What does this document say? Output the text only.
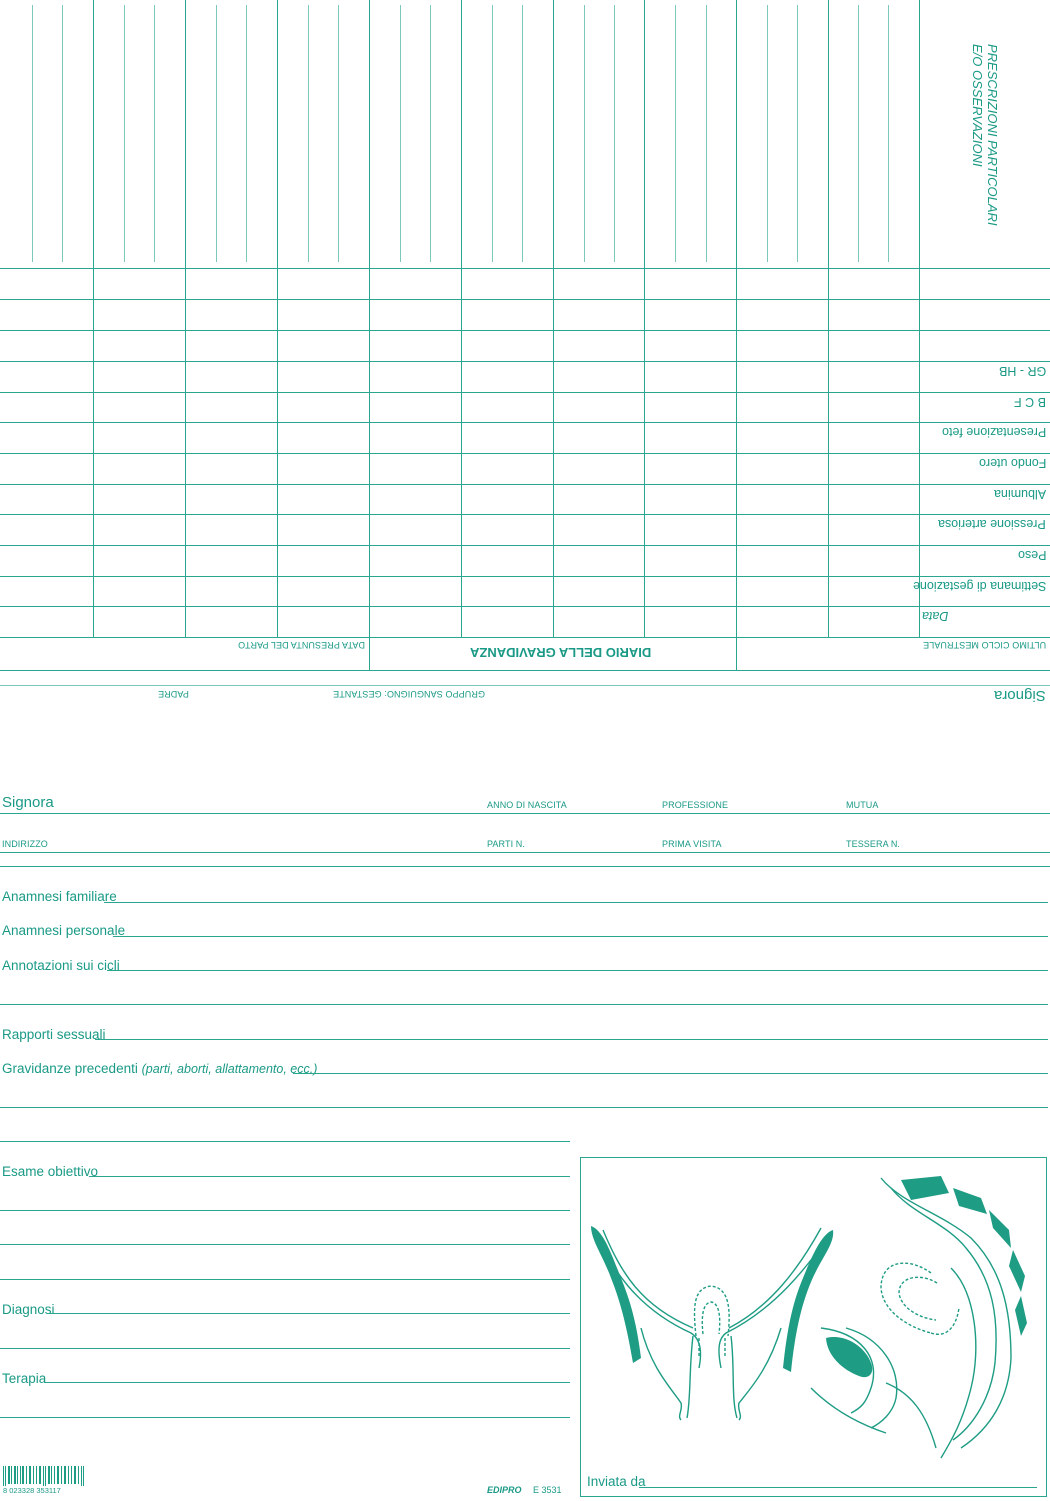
PRESCRIZIONI PARTICOLARI
E/O OSSERVAZIONI
GR - HB
B C F
Presentazione feto
Fondo utero
Albumina
Pressione arteriosa
Peso
Settimana di gestazione
Data
ULTIMO CICLO MESTRUALE
DIARIO DELLA GRAVIDANZA
DATA PRESUNTA DEL PARTO
Signora
GRUPPO SANGUIGNO: GESTANTE
PADRE
Signora	ANNO DI NASCITA	PROFESSIONE	MUTUA
INDIRIZZO	PARTI N.	PRIMA VISITA	TESSERA N.
Anamnesi familiare
Anamnesi personale
Annotazioni sui cicli
Rapporti sessuali
Gravidanze precedenti (parti, aborti, allattamento, ecc.)
Esame obiettivo
Diagnosi
Terapia
Inviata da
8 023328 353117	EDIPRO E 3531
